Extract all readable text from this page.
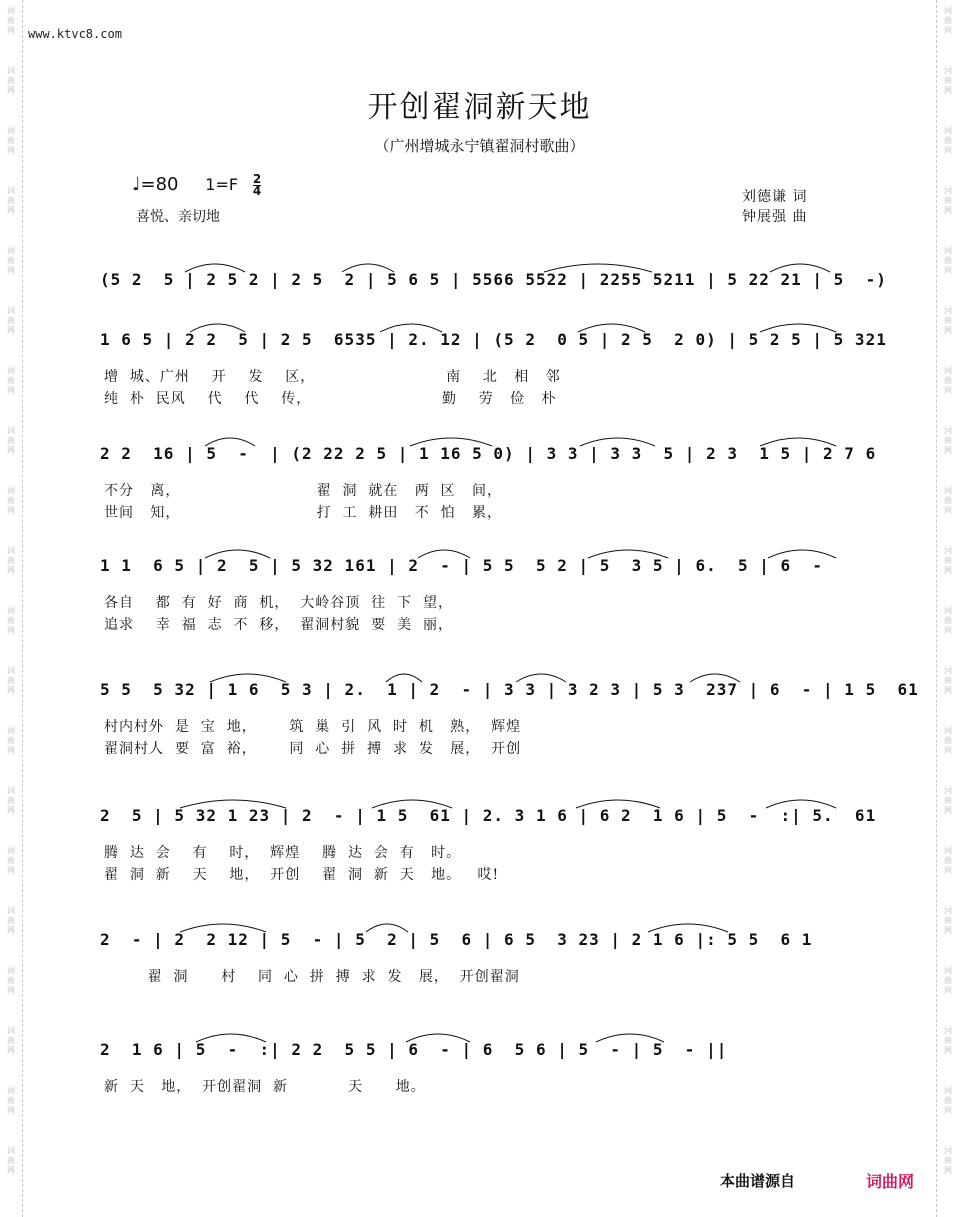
词
曲
网
词
曲
网
词
曲
网
词
曲
网
词
曲
网
词
曲
网
词
曲
网
词
曲
网
词
曲
网
词
曲
网
词
曲
网
词
曲
网
词
曲
网
词
曲
网
词
曲
网
词
曲
网
词
曲
网
词
曲
网
词
曲
网
词
曲
网
词
曲
网
词
曲
网
词
曲
网
词
曲
网
词
曲
网
词
曲
网
词
曲
网
词
曲
网
词
曲
网
词
曲
网
词
曲
网
词
曲
网
词
曲
网
词
曲
网
词
曲
网
词
曲
网
词
曲
网
词
曲
网
词
曲
网
词
曲
网
www.ktvc8.com
开创翟洞新天地
（广州增城永宁镇翟洞村歌曲）
♩=80 $1=F \frac{2}{4}$
喜悦、亲切地
刘德谦 词
钟展强 曲
(5 2  5 | 2 5 2 | 2 5  2 | 5 6 5 | 5566 5522 | 2255 5211 | 5 22 21 | 5  -)
1 6 5 | 2 2  5 | 2 5  6535 | 2. 12 | (5 2  0 5 | 2 5  2 0) | 5 2 5 | 5 321
增  城、广州    开    发    区，                        南    北   相   邻
纯  朴  民风    代    代    传，                        勤    劳   俭   朴
2 2  16 | 5  -  | (2 22 2 5 | 1 16 5 0) | 3 3 | 3 3  5 | 2 3  1 5 | 2 7 6
不分   离，                         翟  洞  就在   两  区   间，
世间   知，                         打  工  耕田   不  怕   累，
1 1  6 5 | 2  5 | 5 32 161 | 2  - | 5 5  5 2 | 5  3 5 | 6.  5 | 6  -
各自    都  有  好  商  机，  大岭谷顶  往  下  望，
追求    幸  福  志  不  移，  翟洞村貌  要  美  丽，
5 5  5 32 | 1 6  5 3 | 2.  1 | 2  - | 3 3 | 3 2 3 | 5 3  237 | 6  - | 1 5  61
村内村外  是  宝  地，      筑  巢  引  风  时  机   熟，  辉煌
翟洞村人  要  富  裕，      同  心  拼  搏  求  发   展，  开创
2  5 | 5 32 1 23 | 2  - | 1 5  61 | 2. 3 1 6 | 6 2  1 6 | 5  -  :| 5.  61
腾  达  会    有    时，  辉煌    腾  达  会  有   时。
翟  洞  新    天    地，  开创    翟  洞  新  天   地。   哎!
2  - | 2  2 12 | 5  - | 5  2 | 5  6 | 6 5  3 23 | 2 1 6 |: 5 5  6 1
翟  洞      村    同  心  拼  搏  求  发   展，  开创翟洞
2  1 6 | 5  -  :| 2 2  5 5 | 6  - | 6  5 6 | 5  - | 5  - ||
新  天   地，  开创翟洞  新           天      地。
本曲谱源自	词曲网
